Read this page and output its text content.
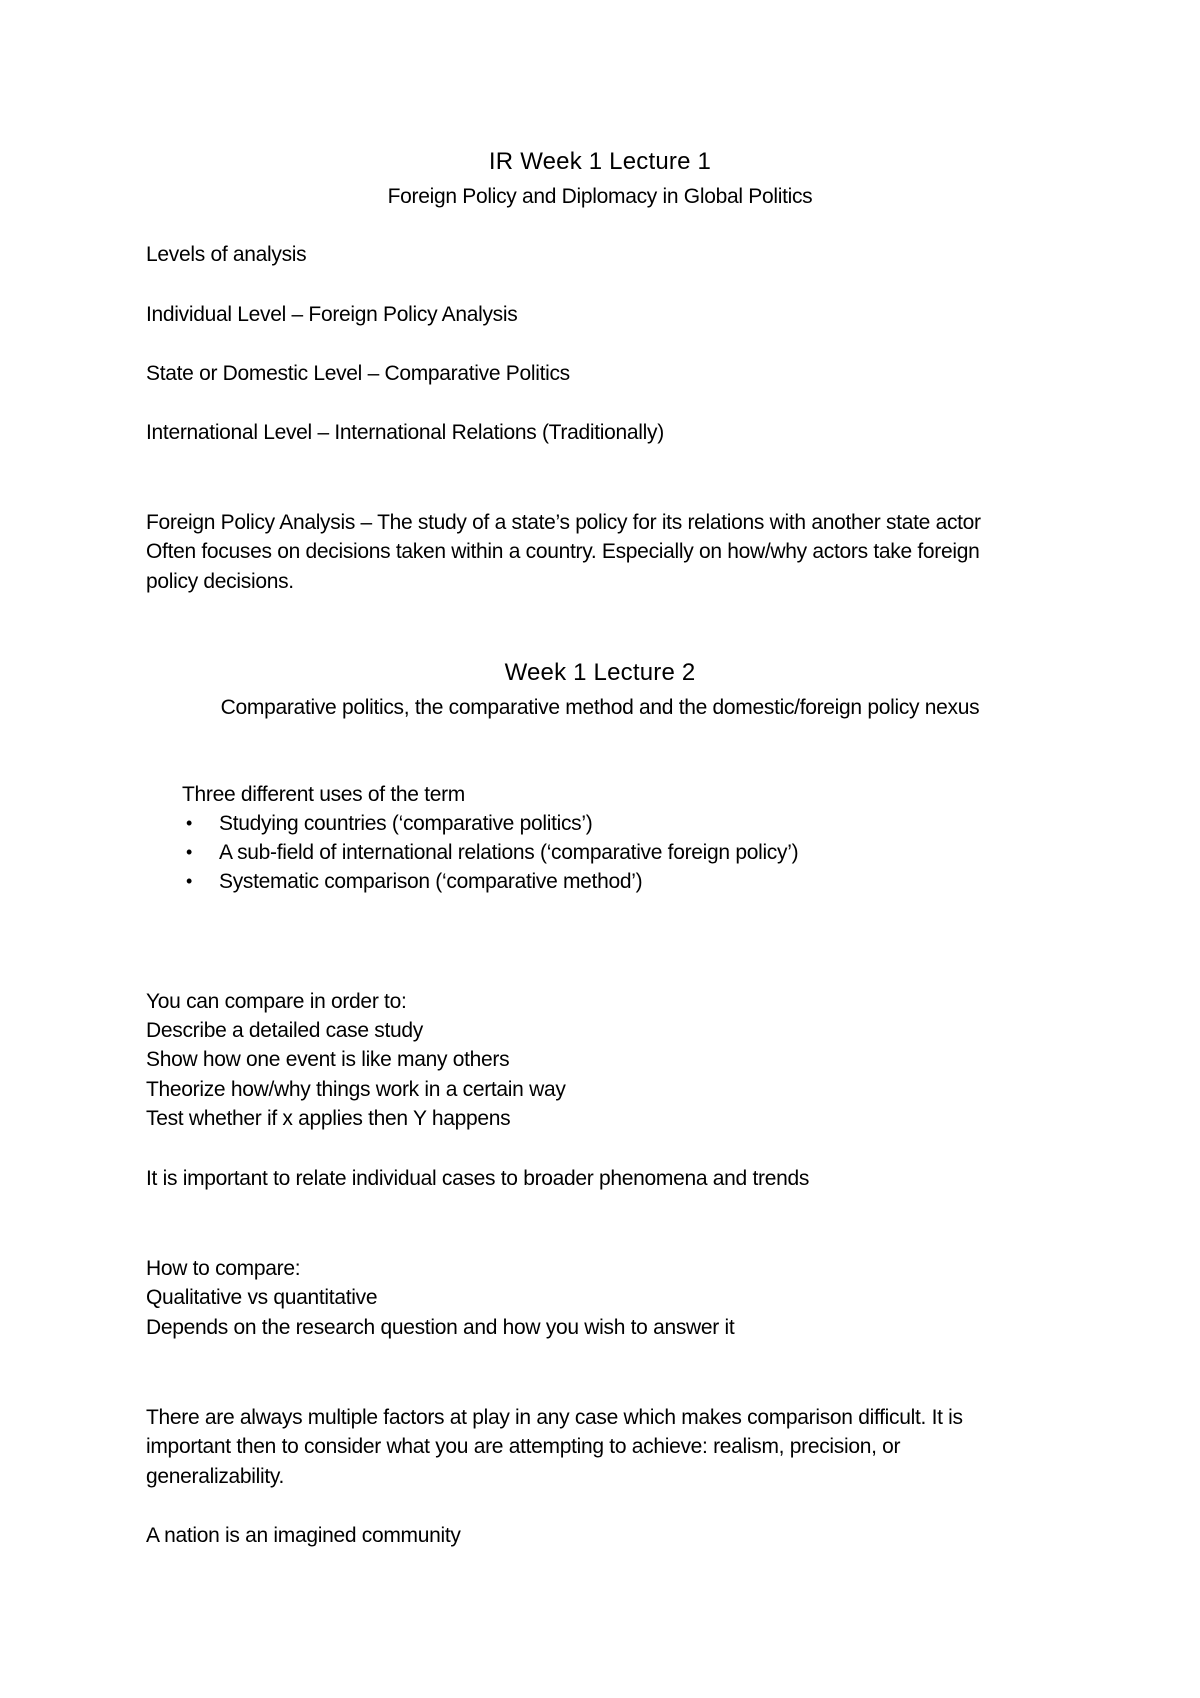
IR Week 1 Lecture 1
Foreign Policy and Diplomacy in Global Politics
Levels of analysis
Individual Level – Foreign Policy Analysis
State or Domestic Level – Comparative Politics
International Level – International Relations (Traditionally)
Foreign Policy Analysis – The study of a state’s policy for its relations with another state actor
Often focuses on decisions taken within a country. Especially on how/why actors take foreign
policy decisions.
Week 1 Lecture 2
Comparative politics, the comparative method and the domestic/foreign policy nexus
Three different uses of the term
• Studying countries (‘comparative politics’)
• A sub-field of international relations (‘comparative foreign policy’)
• Systematic comparison (‘comparative method’)
You can compare in order to:
Describe a detailed case study
Show how one event is like many others
Theorize how/why things work in a certain way
Test whether if x applies then Y happens
It is important to relate individual cases to broader phenomena and trends
How to compare:
Qualitative vs quantitative
Depends on the research question and how you wish to answer it
There are always multiple factors at play in any case which makes comparison difficult. It is
important then to consider what you are attempting to achieve: realism, precision, or
generalizability.
A nation is an imagined community
